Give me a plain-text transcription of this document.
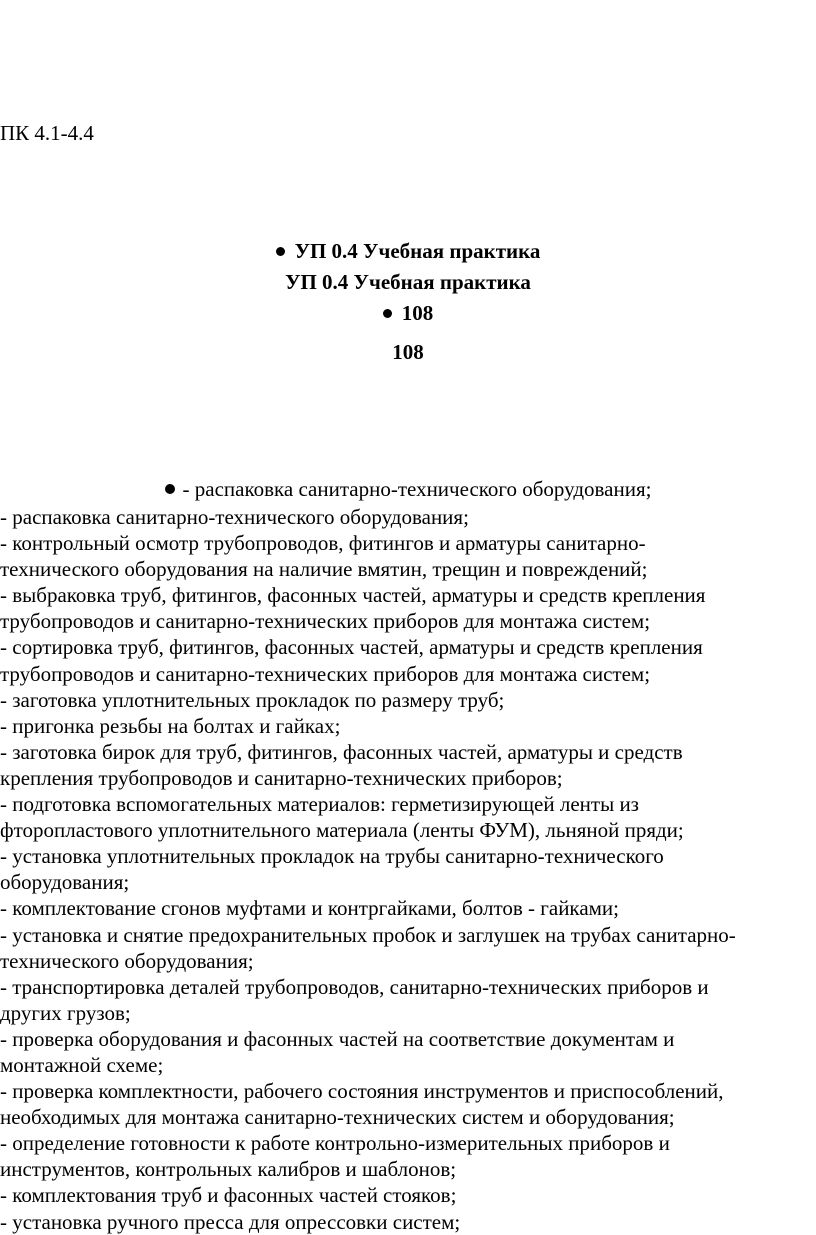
ПК 4.1-4.4
УП 0.4 Учебная практика
УП 0.4 Учебная практика
108
108
- распаковка санитарно-технического оборудования;
- распаковка санитарно-технического оборудования;
- контрольный осмотр трубопроводов, фитингов и арматуры санитарно-
технического оборудования на наличие вмятин, трещин и повреждений;
- выбраковка труб, фитингов, фасонных частей, арматуры и средств крепления
трубопроводов и санитарно-технических приборов для монтажа систем;
- сортировка труб, фитингов, фасонных частей, арматуры и средств крепления
трубопроводов и санитарно-технических приборов для монтажа систем;
- заготовка уплотнительных прокладок по размеру труб;
- пригонка резьбы на болтах и гайках;
- заготовка бирок для труб, фитингов, фасонных частей, арматуры и средств
крепления трубопроводов и санитарно-технических приборов;
- подготовка вспомогательных материалов: герметизирующей ленты из
фторопластового уплотнительного материала (ленты ФУМ), льняной пряди;
- установка уплотнительных прокладок на трубы санитарно-технического
оборудования;
- комплектование сгонов муфтами и контргайками, болтов - гайками;
- установка и снятие предохранительных пробок и заглушек на трубах санитарно-
технического оборудования;
- транспортировка деталей трубопроводов, санитарно-технических приборов и
других грузов;
- проверка оборудования и фасонных частей на соответствие документам и
монтажной схеме;
- проверка комплектности, рабочего состояния инструментов и приспособлений,
необходимых для монтажа санитарно-технических систем и оборудования;
- определение готовности к работе контрольно-измерительных приборов и
инструментов, контрольных калибров и шаблонов;
- комплектования труб и фасонных частей стояков;
- установка ручного пресса для опрессовки систем;
